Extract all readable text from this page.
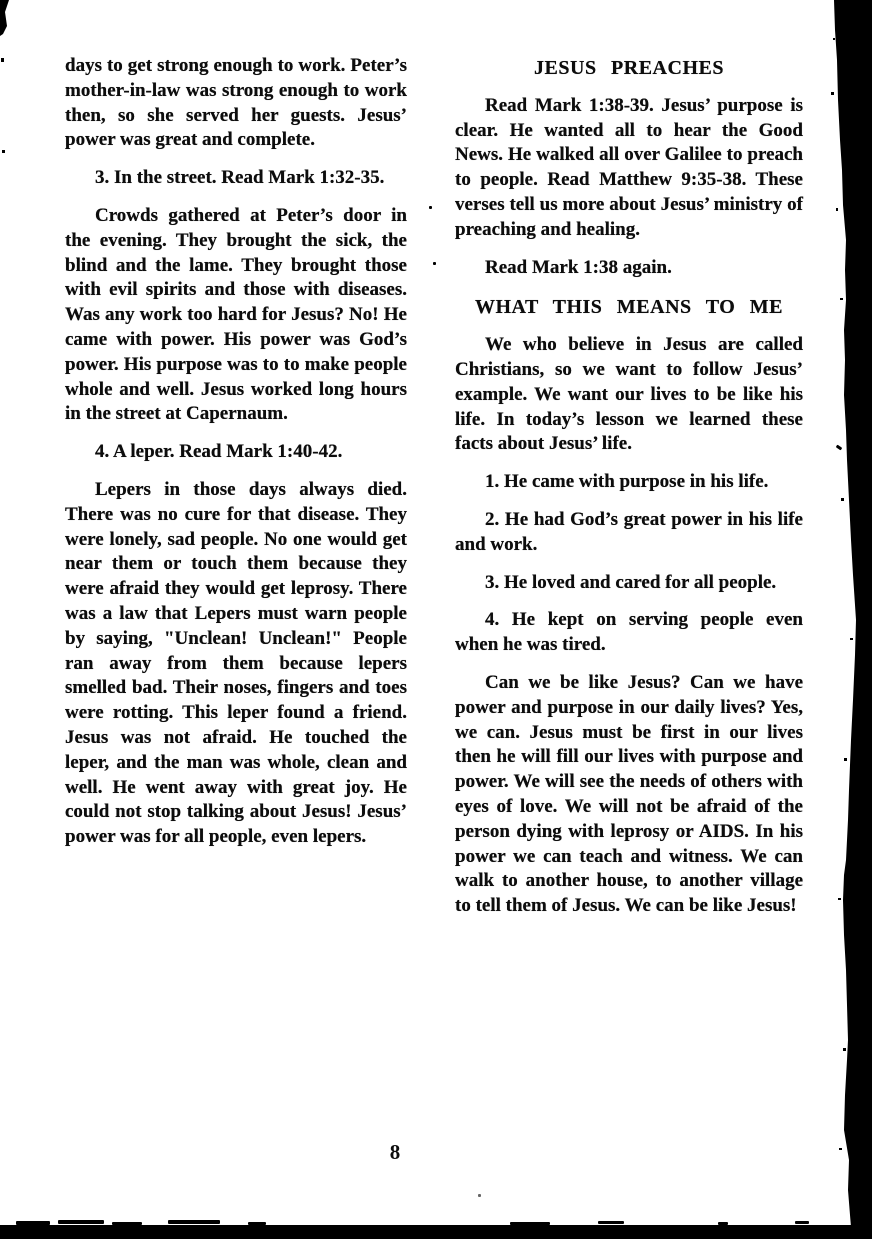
days to get strong enough to work. Peter’s mother-in-law was strong enough to work then, so she served her guests. Jesus’ power was great and complete.

3. In the street. Read Mark 1:32-35.

Crowds gathered at Peter’s door in the evening. They brought the sick, the blind and the lame. They brought those with evil spirits and those with diseases. Was any work too hard for Jesus? No! He came with power. His power was God’s power. His purpose was to to make people whole and well. Jesus worked long hours in the street at Capernaum.

4. A leper. Read Mark 1:40-42.

Lepers in those days always died. There was no cure for that disease. They were lonely, sad people. No one would get near them or touch them because they were afraid they would get leprosy. There was a law that Lepers must warn people by saying, "Unclean! Unclean!" People ran away from them because lepers smelled bad. Their noses, fingers and toes were rotting. This leper found a friend. Jesus was not afraid. He touched the leper, and the man was whole, clean and well. He went away with great joy. He could not stop talking about Jesus! Jesus’ power was for all people, even lepers.

JESUS PREACHES

Read Mark 1:38-39. Jesus’ purpose is clear. He wanted all to hear the Good News. He walked all over Galilee to preach to people. Read Matthew 9:35-38. These verses tell us more about Jesus’ ministry of preaching and healing.

Read Mark 1:38 again.

WHAT THIS MEANS TO ME

We who believe in Jesus are called Christians, so we want to follow Jesus’ example. We want our lives to be like his life. In today’s lesson we learned these facts about Jesus’ life.

1. He came with purpose in his life.

2. He had God’s great power in his life and work.

3. He loved and cared for all people.

4. He kept on serving people even when he was tired.

Can we be like Jesus? Can we have power and purpose in our daily lives? Yes, we can. Jesus must be first in our lives then he will fill our lives with purpose and power. We will see the needs of others with eyes of love. We will not be afraid of the person dying with leprosy or AIDS. In his power we can teach and witness. We can walk to another house, to another village to tell them of Jesus. We can be like Jesus!

8
